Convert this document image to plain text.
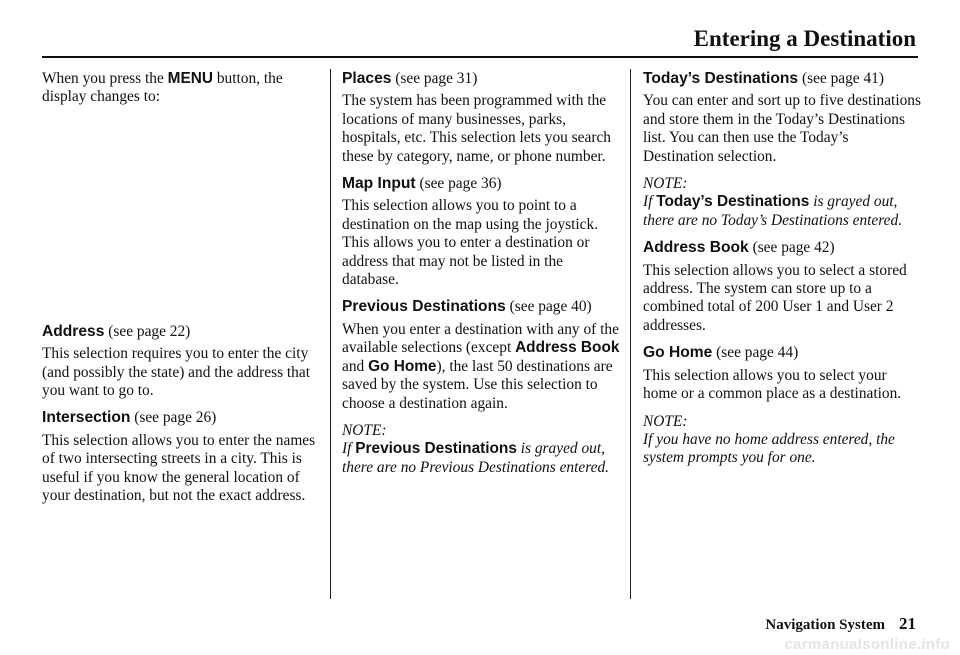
Entering a Destination

When you press the MENU button, the display changes to:

Address (see page 22)

This selection requires you to enter the city (and possibly the state) and the address that you want to go to.

Intersection (see page 26)

This selection allows you to enter the names of two intersecting streets in a city. This is useful if you know the general location of your destination, but not the exact address.

Places (see page 31)

The system has been programmed with the locations of many businesses, parks, hospitals, etc. This selection lets you search these by category, name, or phone number.

Map Input (see page 36)

This selection allows you to point to a destination on the map using the joystick. This allows you to enter a destination or address that may not be listed in the database.

Previous Destinations (see page 40)

When you enter a destination with any of the available selections (except Address Book and Go Home), the last 50 destinations are saved by the system. Use this selection to choose a destination again.

NOTE:

If Previous Destinations is grayed out, there are no Previous Destinations entered.

Today’s Destinations (see page 41)

You can enter and sort up to five destinations and store them in the Today’s Destinations list. You can then use the Today’s Destination selection.

NOTE:

If Today’s Destinations is grayed out, there are no Today’s Destinations entered.

Address Book (see page 42)

This selection allows you to select a stored address. The system can store up to a combined total of 200 User 1 and User 2 addresses.

Go Home (see page 44)

This selection allows you to select your home or a common place as a destination.

NOTE:

If you have no home address entered, the system prompts you for one.

Navigation System 21
carmanualsonline.info
